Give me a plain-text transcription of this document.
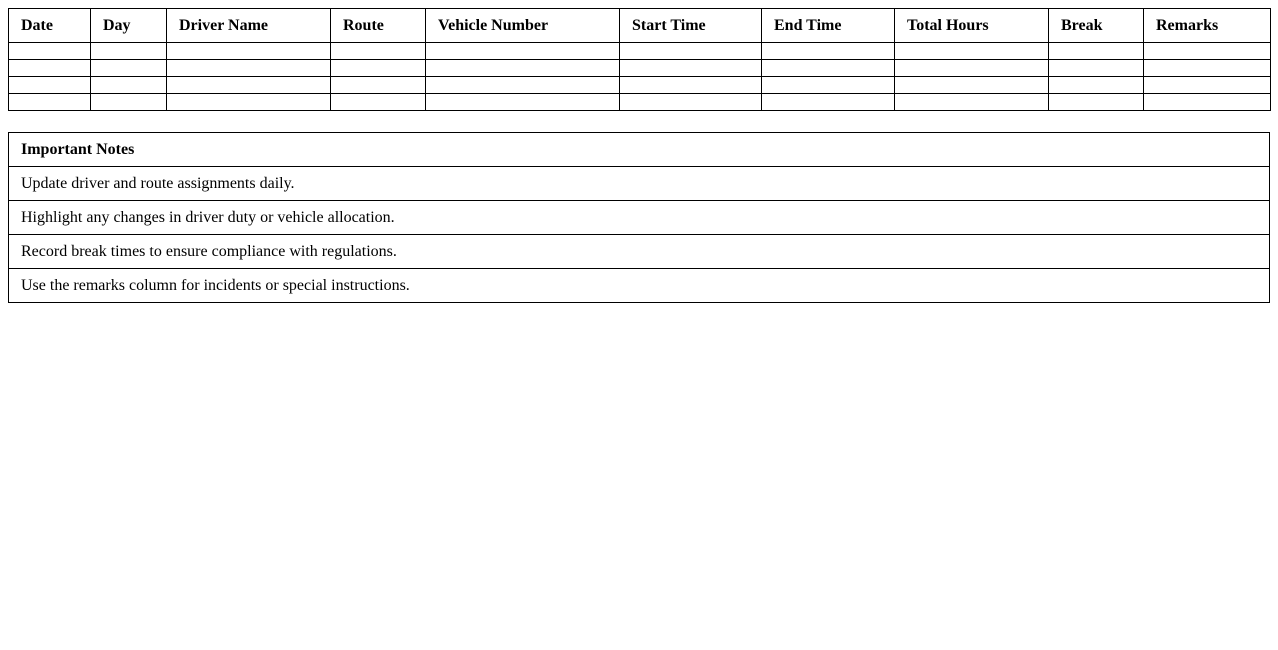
Date	Day	Driver Name	Route	Vehicle Number	Start Time	End Time	Total Hours	Break	Remarks

Important Notes
Update driver and route assignments daily.
Highlight any changes in driver duty or vehicle allocation.
Record break times to ensure compliance with regulations.
Use the remarks column for incidents or special instructions.
